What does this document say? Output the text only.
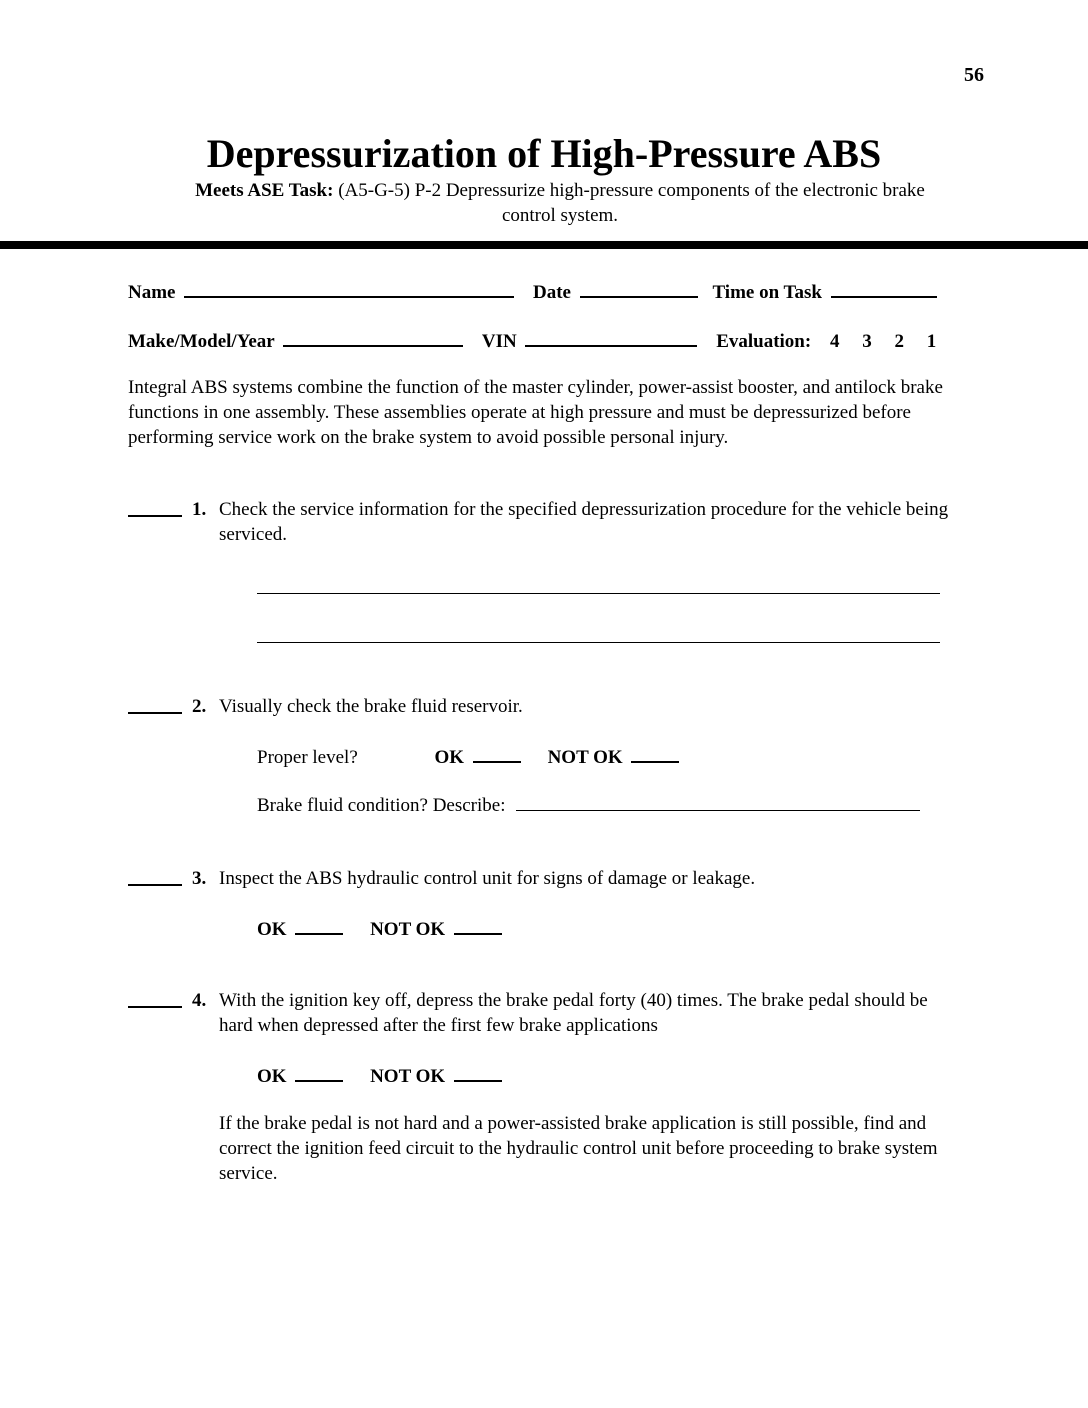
56
Depressurization of High-Pressure ABS
Meets ASE Task: (A5-G-5) P-2 Depressurize high-pressure components of the electronic brake
control system.
Name	Date	Time on Task
Make/Model/Year	VIN	Evaluation: 4 3 2 1
Integral ABS systems combine the function of the master cylinder, power-assist booster, and antilock brake functions in one assembly. These assemblies operate at high pressure and must be depressurized before performing service work on the brake system to avoid possible personal injury.
1. Check the service information for the specified depressurization procedure for the vehicle being serviced.
2. Visually check the brake fluid reservoir.
Proper level?	OK	NOT OK
Brake fluid condition? Describe:
3. Inspect the ABS hydraulic control unit for signs of damage or leakage.
OK	NOT OK
4. With the ignition key off, depress the brake pedal forty (40) times. The brake pedal should be hard when depressed after the first few brake applications
OK	NOT OK
If the brake pedal is not hard and a power-assisted brake application is still possible, find and correct the ignition feed circuit to the hydraulic control unit before proceeding to brake system service.
